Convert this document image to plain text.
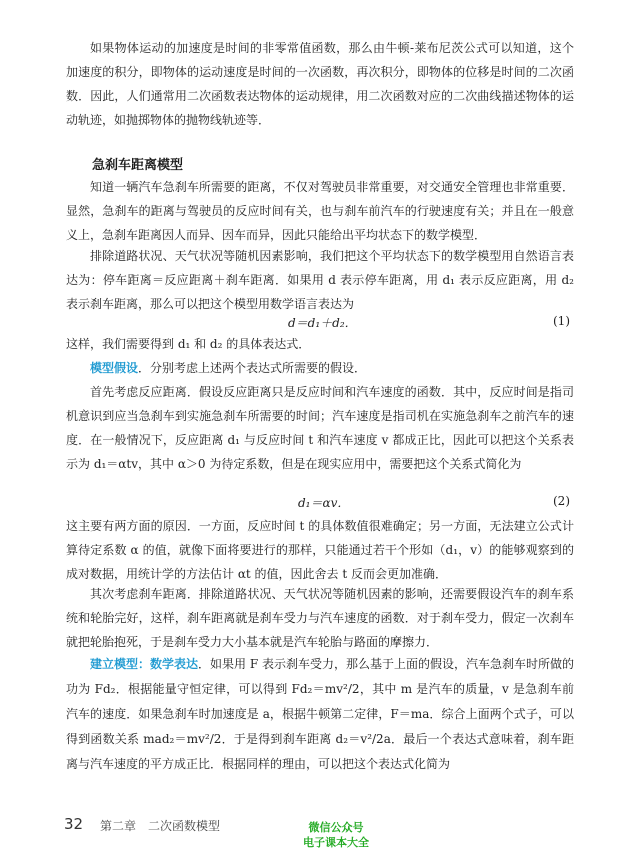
如果物体运动的加速度是时间的非零常值函数，那么由牛顿-莱布尼茨公式可以知道，这个加速度的积分，即物体的运动速度是时间的一次函数，再次积分，即物体的位移是时间的二次函数．因此，人们通常用二次函数表达物体的运动规律，用二次函数对应的二次曲线描述物体的运动轨迹，如抛掷物体的抛物线轨迹等．

急刹车距离模型

知道一辆汽车急刹车所需要的距离，不仅对驾驶员非常重要，对交通安全管理也非常重要．显然，急刹车的距离与驾驶员的反应时间有关，也与刹车前汽车的行驶速度有关；并且在一般意义上，急刹车距离因人而异、因车而异，因此只能给出平均状态下的数学模型．

排除道路状况、天气状况等随机因素影响，我们把这个平均状态下的数学模型用自然语言表达为：停车距离＝反应距离＋刹车距离．如果用 d 表示停车距离，用 d₁ 表示反应距离，用 d₂ 表示刹车距离，那么可以把这个模型用数学语言表达为

d＝d₁＋d₂．	(1)

这样，我们需要得到 d₁ 和 d₂ 的具体表达式．

模型假设．分别考虑上述两个表达式所需要的假设．

首先考虑反应距离．假设反应距离只是反应时间和汽车速度的函数．其中，反应时间是指司机意识到应当急刹车到实施急刹车所需要的时间；汽车速度是指司机在实施急刹车之前汽车的速度．在一般情况下，反应距离 d₁ 与反应时间 t 和汽车速度 v 都成正比，因此可以把这个关系表示为 d₁＝αtv，其中 α＞0 为待定系数，但是在现实应用中，需要把这个关系式简化为

d₁＝αv．	(2)

这主要有两方面的原因．一方面，反应时间 t 的具体数值很难确定；另一方面，无法建立公式计算待定系数 α 的值，就像下面将要进行的那样，只能通过若干个形如（d₁，v）的能够观察到的成对数据，用统计学的方法估计 αt 的值，因此舍去 t 反而会更加准确．

其次考虑刹车距离．排除道路状况、天气状况等随机因素的影响，还需要假设汽车的刹车系统和轮胎完好，这样，刹车距离就是刹车受力与汽车速度的函数．对于刹车受力，假定一次刹车就把轮胎抱死，于是刹车受力大小基本就是汽车轮胎与路面的摩擦力．

建立模型：数学表达．如果用 F 表示刹车受力，那么基于上面的假设，汽车急刹车时所做的功为 Fd₂．根据能量守恒定律，可以得到 Fd₂＝mv²/2，其中 m 是汽车的质量，v 是急刹车前汽车的速度．如果急刹车时加速度是 a，根据牛顿第二定律，F＝ma．综合上面两个式子，可以得到函数关系 mad₂＝mv²/2．于是得到刹车距离 d₂＝v²/2a．最后一个表达式意味着，刹车距离与汽车速度的平方成正比．根据同样的理由，可以把这个表达式化简为

32 第二章　二次函数模型	微信公众号
电子课本大全
